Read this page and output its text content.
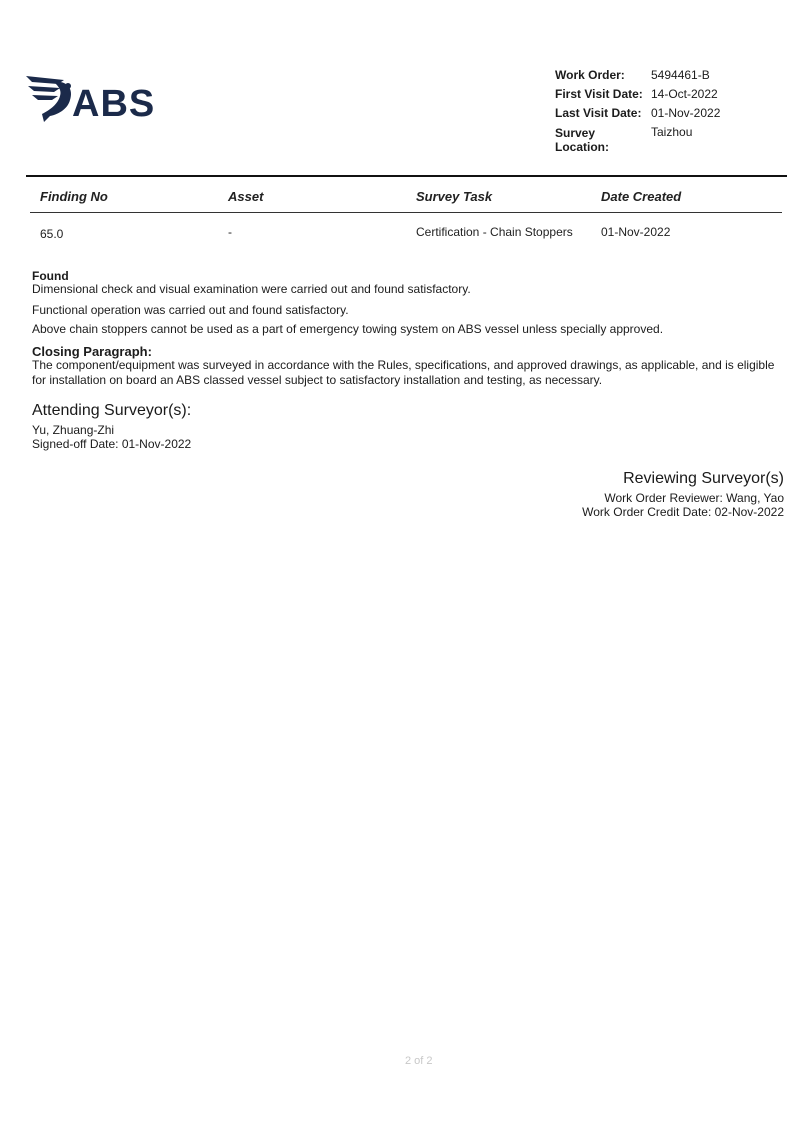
ABS
Work Order:	5494461-B
First Visit Date: 14-Oct-2022
Last Visit Date: 01-Nov-2022
Survey Location:
Taizhou
Finding No	Asset	Survey Task	Date Created
65.0	-	Certification - Chain Stoppers 01-Nov-2022
Found
Dimensional check and visual examination were carried out and found satisfactory.
Functional operation was carried out and found satisfactory.
Above chain stoppers cannot be used as a part of emergency towing system on ABS vessel unless specially approved.
Closing Paragraph:
The component/equipment was surveyed in accordance with the Rules, specifications, and approved drawings, as applicable, and is eligible for installation on board an ABS classed vessel subject to satisfactory installation and testing, as necessary.
Attending Surveyor(s):
Yu, Zhuang-Zhi
Signed-off Date: 01-Nov-2022
Reviewing Surveyor(s)
Work Order Reviewer: Wang, Yao
Work Order Credit Date: 02-Nov-2022
2 of 2
